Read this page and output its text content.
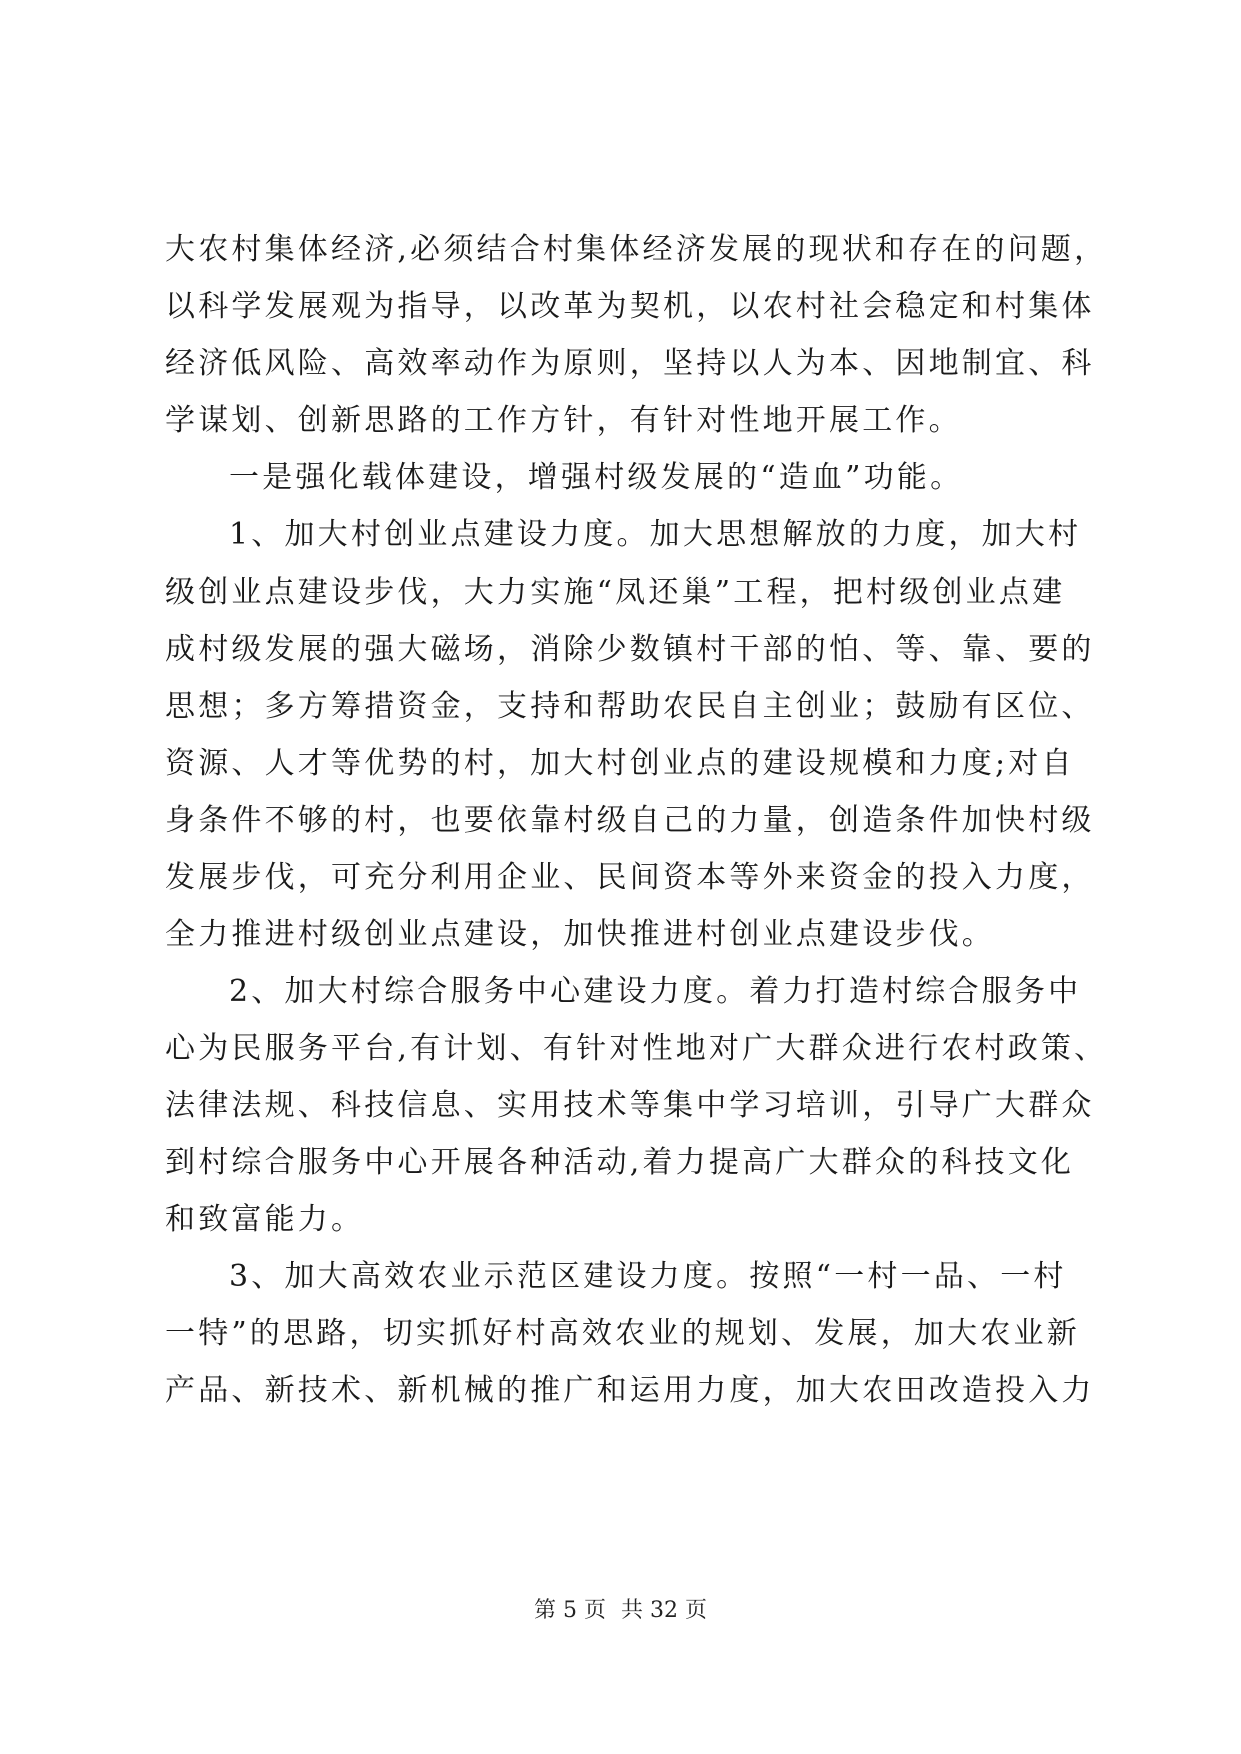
大农村集体经济,必须结合村集体经济发展的现状和存在的问题，
以科学发展观为指导，以改革为契机，以农村社会稳定和村集体
经济低风险、高效率动作为原则，坚持以人为本、因地制宜、科
学谋划、创新思路的工作方针，有针对性地开展工作。
一是强化载体建设，增强村级发展的“造血”功能。
1、加大村创业点建设力度。加大思想解放的力度，加大村
级创业点建设步伐，大力实施“凤还巢”工程，把村级创业点建
成村级发展的强大磁场，消除少数镇村干部的怕、等、靠、要的
思想；多方筹措资金，支持和帮助农民自主创业；鼓励有区位、
资源、人才等优势的村，加大村创业点的建设规模和力度;对自
身条件不够的村，也要依靠村级自己的力量，创造条件加快村级
发展步伐，可充分利用企业、民间资本等外来资金的投入力度，
全力推进村级创业点建设，加快推进村创业点建设步伐。
2、加大村综合服务中心建设力度。着力打造村综合服务中
心为民服务平台,有计划、有针对性地对广大群众进行农村政策、
法律法规、科技信息、实用技术等集中学习培训，引导广大群众
到村综合服务中心开展各种活动,着力提高广大群众的科技文化
和致富能力。
3、加大高效农业示范区建设力度。按照“一村一品、一村
一特”的思路，切实抓好村高效农业的规划、发展，加大农业新
产品、新技术、新机械的推广和运用力度，加大农田改造投入力
第 5 页 共 32 页
